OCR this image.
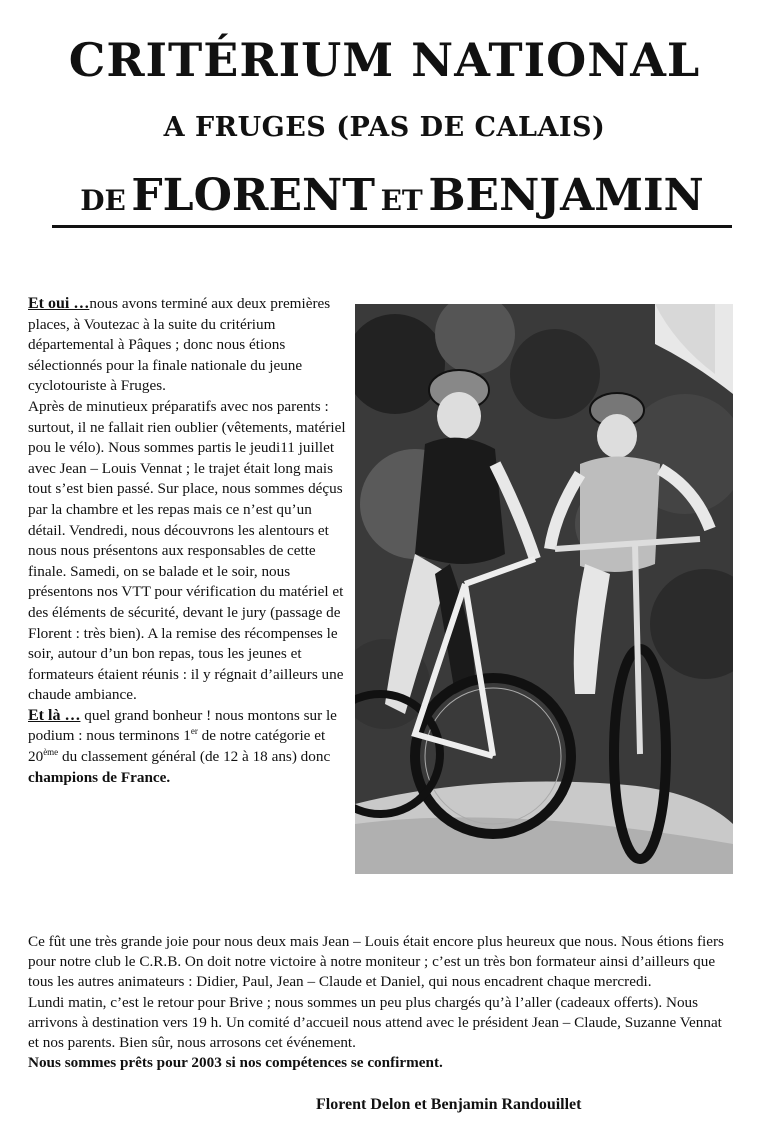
CRITÉRIUM NATIONAL
A FRUGES (PAS DE CALAIS)
DE FLORENT ET BENJAMIN

Et oui …nous avons terminé aux deux premières places, à Voutezac à la suite du critérium départemental à Pâques ; donc nous étions sélectionnés pour la finale nationale du jeune cyclotouriste à Fruges.

Après de minutieux préparatifs avec nos parents : surtout, il ne fallait rien oublier (vêtements, matériel pou le vélo). Nous sommes partis le jeudi11 juillet avec Jean – Louis Vennat ; le trajet était long mais tout s’est bien passé. Sur place, nous sommes déçus par la chambre et les repas mais ce n’est qu’un détail. Vendredi, nous découvrons les alentours et nous nous présentons aux responsables de cette finale. Samedi, on se balade et le soir, nous présentons nos VTT pour vérification du matériel et des éléments de sécurité, devant le jury (passage de Florent : très bien). A la remise des récompenses le soir, autour d’un bon repas, tous les jeunes et formateurs étaient réunis : il y régnait d’ailleurs une chaude ambiance.

Et là … quel grand bonheur ! nous montons sur le podium : nous terminons 1er de notre catégorie et 20ème du classement général (de 12 à 18 ans) donc champions de France.

Ce fût une très grande joie pour nous deux mais Jean – Louis était encore plus heureux que nous. Nous étions fiers pour notre club le C.R.B. On doit notre victoire à notre moniteur ; c’est un très bon formateur ainsi d’ailleurs que tous les autres animateurs : Didier, Paul, Jean – Claude et Daniel, qui nous encadrent chaque mercredi.

Lundi matin, c’est le retour pour Brive ; nous sommes un peu plus chargés qu’à l’aller (cadeaux offerts). Nous arrivons à destination vers 19 h. Un comité d’accueil nous attend avec le président Jean – Claude, Suzanne Vennat et nos parents. Bien sûr, nous arrosons cet événement.

Nous sommes prêts pour 2003 si nos compétences se confirment.

Florent Delon et Benjamin Randouillet
